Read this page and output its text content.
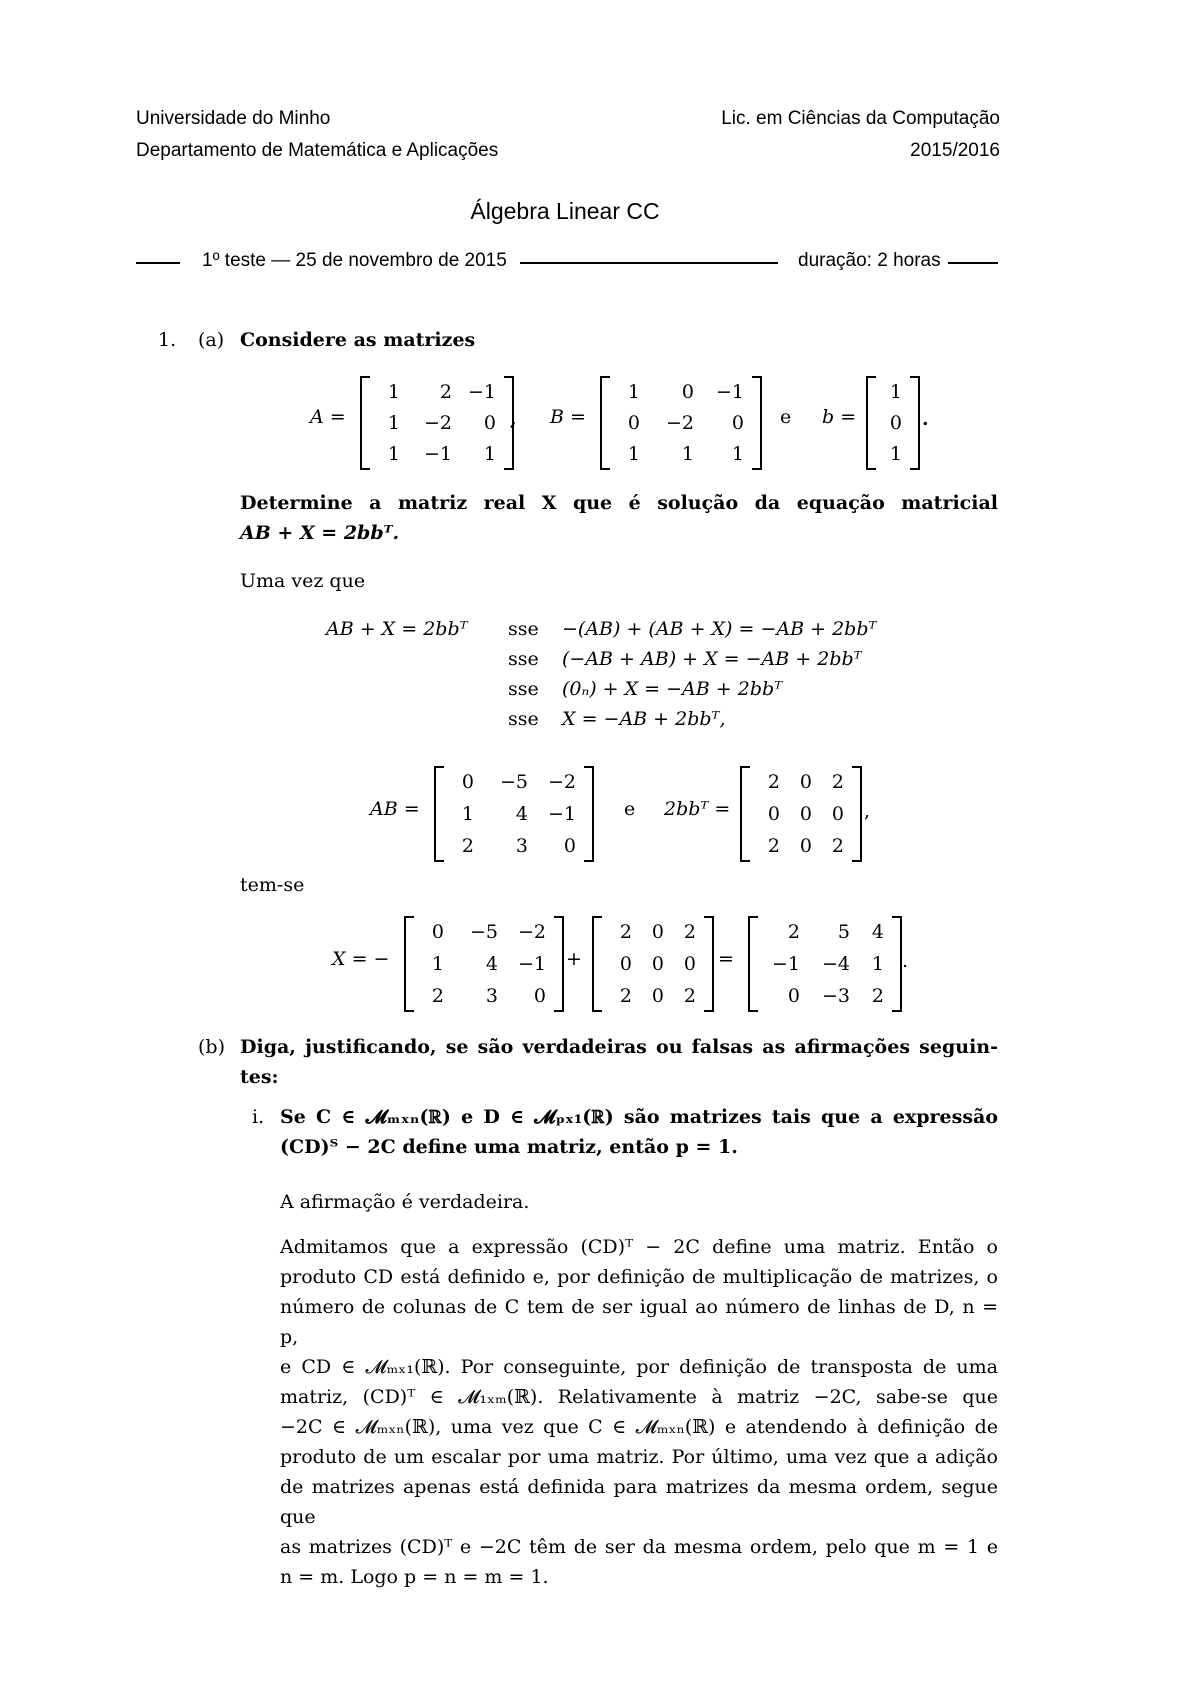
Universidade do Minho
Departamento de Matemática e Aplicações
Lic. em Ciências da Computação
2015/2016
Álgebra Linear CC
1º teste — 25 de novembro de 2015	duração: 2 horas
1. (a) Considere as matrizes
A =
1 2 −1
1 −2 0
1 −1 1
, B =
1 0 −1
0 −2 0
1 1 1
e b =
1
0
1
.
Determine a matriz real X que é solução da equação matricial
AB + X = 2bbᵀ.
Uma vez que
AB + X = 2bbᵀ sse −(AB) + (AB + X) = −AB + 2bbᵀ
sse (−AB + AB) + X = −AB + 2bbᵀ
sse (0ₙ) + X = −AB + 2bbᵀ
sse X = −AB + 2bbᵀ,
AB =
0 −5 −2
1 4 −1
2 3 0
e 2bbᵀ =
2 0 2
0 0 0
2 0 2
,
tem-se
X = −
0 −5 −2
1 4 −1
2 3 0
+
2 0 2
0 0 0
2 0 2
=
2 5 4
−1 −4 1
0 −3 2
.
(b) Diga, justificando, se são verdadeiras ou falsas as afirmações seguin-
tes:
i. Se C ∈ 𝓜ₘₓₙ(ℝ) e D ∈ 𝓜ₚₓ₁(ℝ) são matrizes tais que a expressão
(CD)ᵀ − 2C define uma matriz, então p = 1.
A afirmação é verdadeira.
Admitamos que a expressão (CD)ᵀ − 2C define uma matriz. Então o
produto CD está definido e, por definição de multiplicação de matrizes, o
número de colunas de C tem de ser igual ao número de linhas de D, n = p,
e CD ∈ 𝓜ₘₓ₁(ℝ). Por conseguinte, por definição de transposta de uma
matriz, (CD)ᵀ ∈ 𝓜₁ₓₘ(ℝ). Relativamente à matriz −2C, sabe-se que
−2C ∈ 𝓜ₘₓₙ(ℝ), uma vez que C ∈ 𝓜ₘₓₙ(ℝ) e atendendo à definição de
produto de um escalar por uma matriz. Por último, uma vez que a adição
de matrizes apenas está definida para matrizes da mesma ordem, segue que
as matrizes (CD)ᵀ e −2C têm de ser da mesma ordem, pelo que m = 1 e
n = m. Logo p = n = m = 1.
